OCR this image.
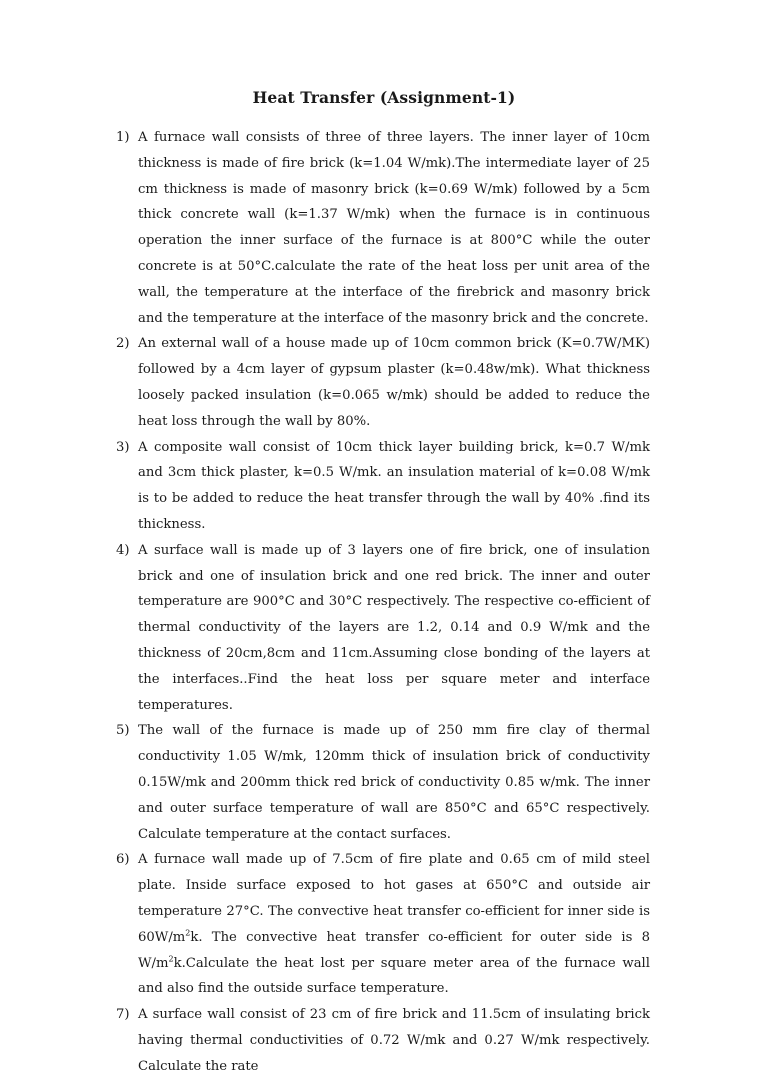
Heat Transfer (Assignment-1)
1) A furnace wall consists of three of three layers. The inner layer of 10cm thickness is made of fire brick (k=1.04 W/mk).The intermediate layer of 25 cm thickness is made of masonry brick (k=0.69 W/mk) followed by a 5cm thick concrete wall (k=1.37 W/mk) when the furnace is in continuous operation the inner surface of the furnace is at 800°C while the outer concrete is at 50°C.calculate the rate of the heat loss per unit area of the wall, the temperature at the interface of the firebrick and masonry brick and the temperature at the interface of the masonry brick and the concrete.
2) An external wall of a house made up of 10cm common brick (K=0.7W/MK) followed by a 4cm layer of gypsum plaster (k=0.48w/mk). What thickness loosely packed insulation (k=0.065 w/mk) should be added to reduce the heat loss through the wall by 80%.
3) A composite wall consist of 10cm thick layer building brick, k=0.7 W/mk and 3cm thick plaster, k=0.5 W/mk. an insulation material of k=0.08 W/mk is to be added to reduce the heat transfer through the wall by 40% .find its thickness.
4) A surface wall is made up of 3 layers one of fire brick, one of insulation brick and one of insulation brick and one red brick. The inner and outer temperature are 900°C and 30°C respectively. The respective co-efficient of thermal conductivity of the layers are 1.2, 0.14 and 0.9 W/mk and the thickness of 20cm,8cm and 11cm.Assuming close bonding of the layers at the interfaces..Find the heat loss per square meter and interface temperatures.
5) The wall of the furnace is made up of 250 mm fire clay of thermal conductivity 1.05 W/mk, 120mm thick of insulation brick of conductivity 0.15W/mk and 200mm thick red brick of conductivity 0.85 w/mk. The inner and outer surface temperature of wall are 850°C and 65°C respectively. Calculate temperature at the contact surfaces.
6) A furnace wall made up of 7.5cm of fire plate and 0.65 cm of mild steel plate. Inside surface exposed to hot gases at 650°C and outside air temperature 27°C. The convective heat transfer co-efficient for inner side is $60W/m^2k$. The convective heat transfer co-efficient for outer side is 8 $W/m^2k.Calculate$ the heat lost per square meter area of the furnace wall and also find the outside surface temperature.
7) A surface wall consist of 23 cm of fire brick and 11.5cm of insulating brick having thermal conductivities of 0.72 W/mk and 0.27 W/mk respectively. Calculate the rate
